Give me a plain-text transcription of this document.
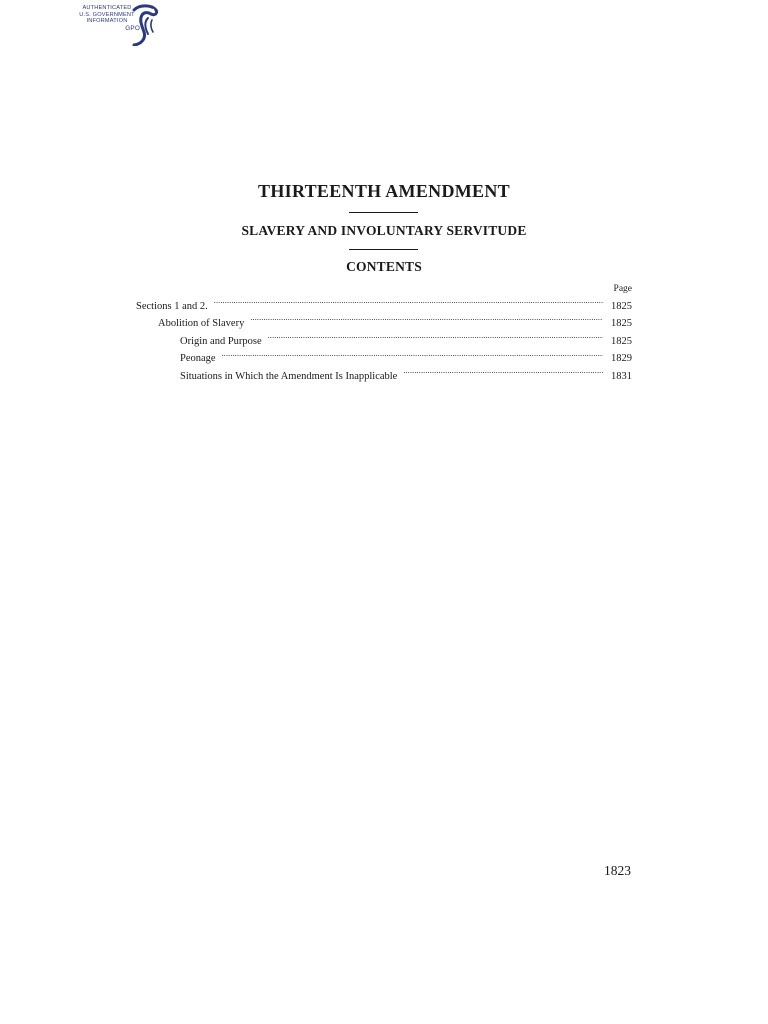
AUTHENTICATED
U.S. GOVERNMENT
INFORMATION
GPO
THIRTEENTH AMENDMENT
SLAVERY AND INVOLUNTARY SERVITUDE
CONTENTS
Page
Sections 1 and 2. .....	1825
Abolition of Slavery .....	1825
Origin and Purpose .....	1825
Peonage .....	1829
Situations in Which the Amendment Is Inapplicable .....	1831
1823
